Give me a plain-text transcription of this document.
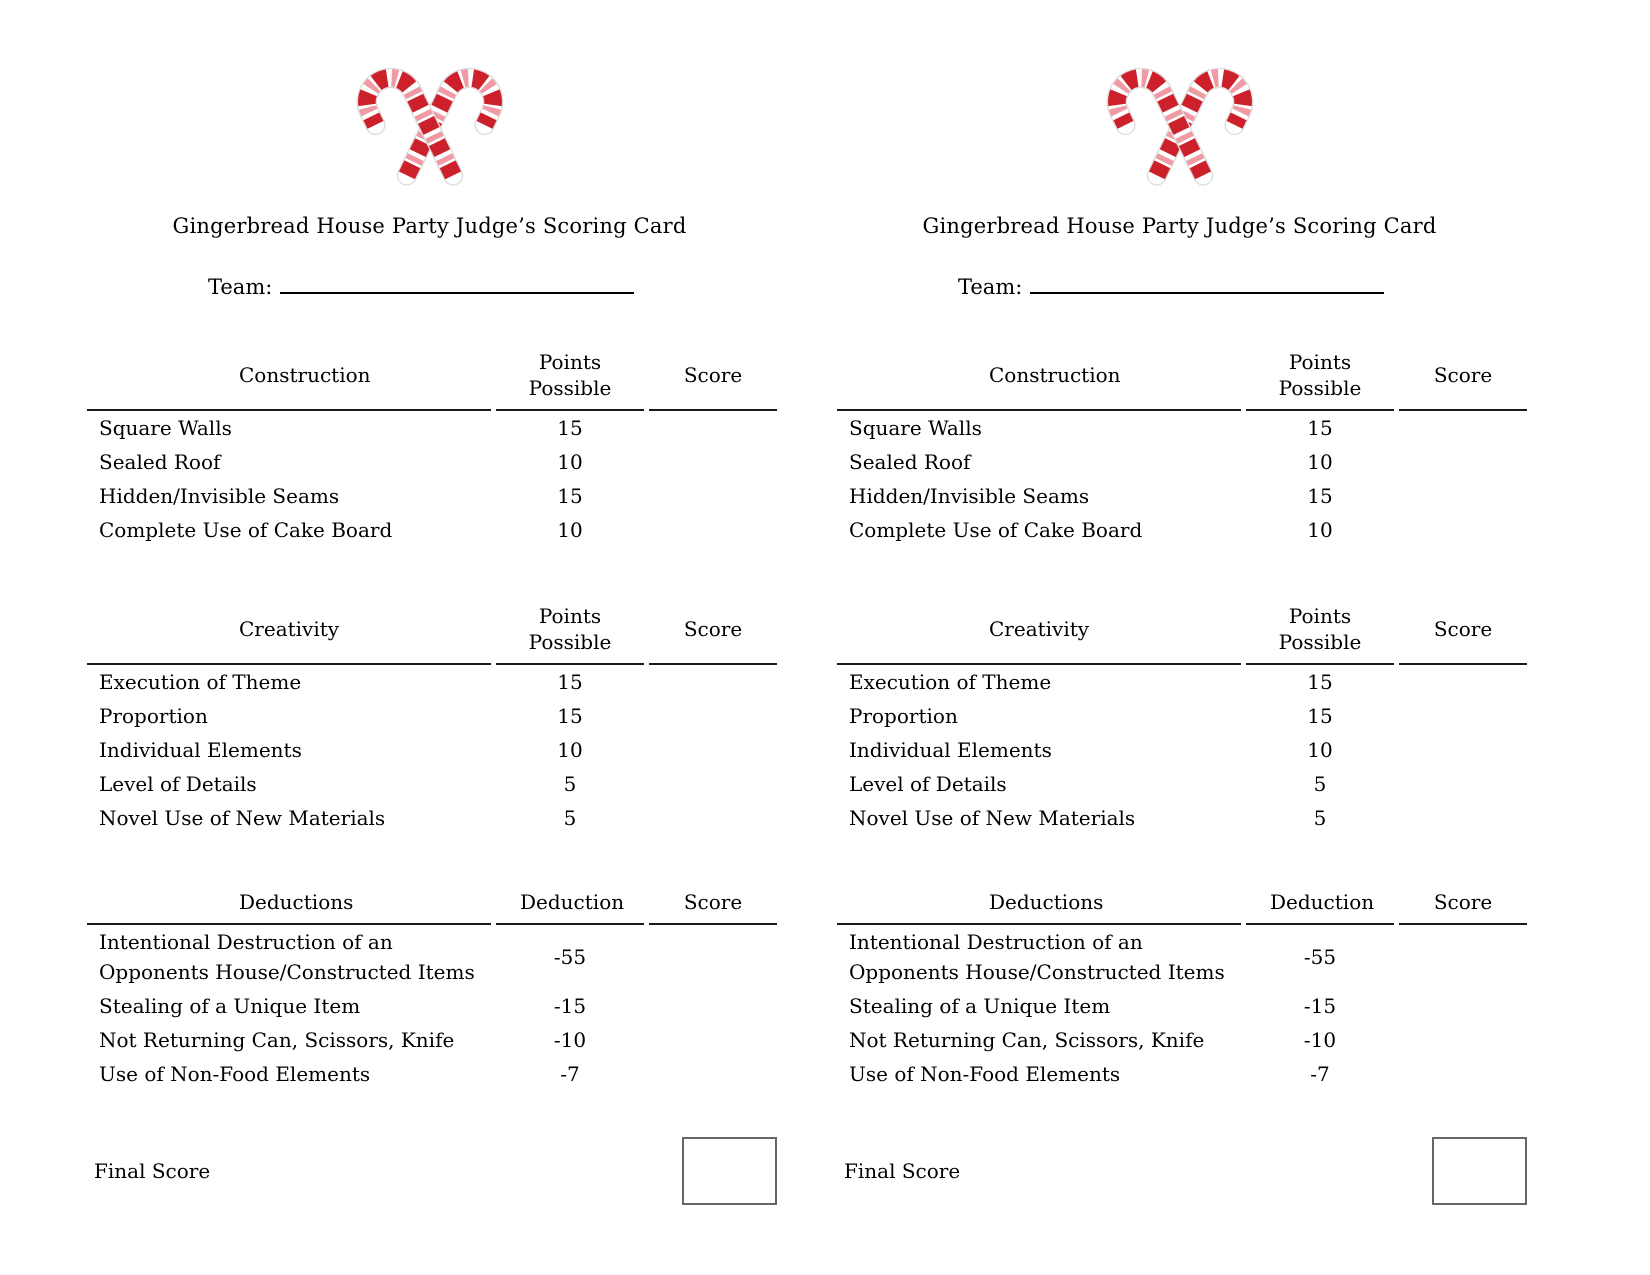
Gingerbread House Party Judge’s Scoring Card
Team:
Construction	Points Possible	Score
Square Walls	15	
Sealed Roof	10	
Hidden/Invisible Seams	15	
Complete Use of Cake Board	10	
Creativity	Points Possible	Score
Execution of Theme	15	
Proportion	15	
Individual Elements	10	
Level of Details	5	
Novel Use of New Materials	5	
Deductions	Deduction	Score
Intentional Destruction of an Opponents House/Constructed Items	-55	
Stealing of a Unique Item	-15	
Not Returning Can, Scissors, Knife	-10	
Use of Non-Food Elements	-7	
Final Score
Gingerbread House Party Judge’s Scoring Card
Team:
Construction	Points Possible	Score
Square Walls	15	
Sealed Roof	10	
Hidden/Invisible Seams	15	
Complete Use of Cake Board	10	
Creativity	Points Possible	Score
Execution of Theme	15	
Proportion	15	
Individual Elements	10	
Level of Details	5	
Novel Use of New Materials	5	
Deductions	Deduction	Score
Intentional Destruction of an Opponents House/Constructed Items	-55	
Stealing of a Unique Item	-15	
Not Returning Can, Scissors, Knife	-10	
Use of Non-Food Elements	-7	
Final Score
